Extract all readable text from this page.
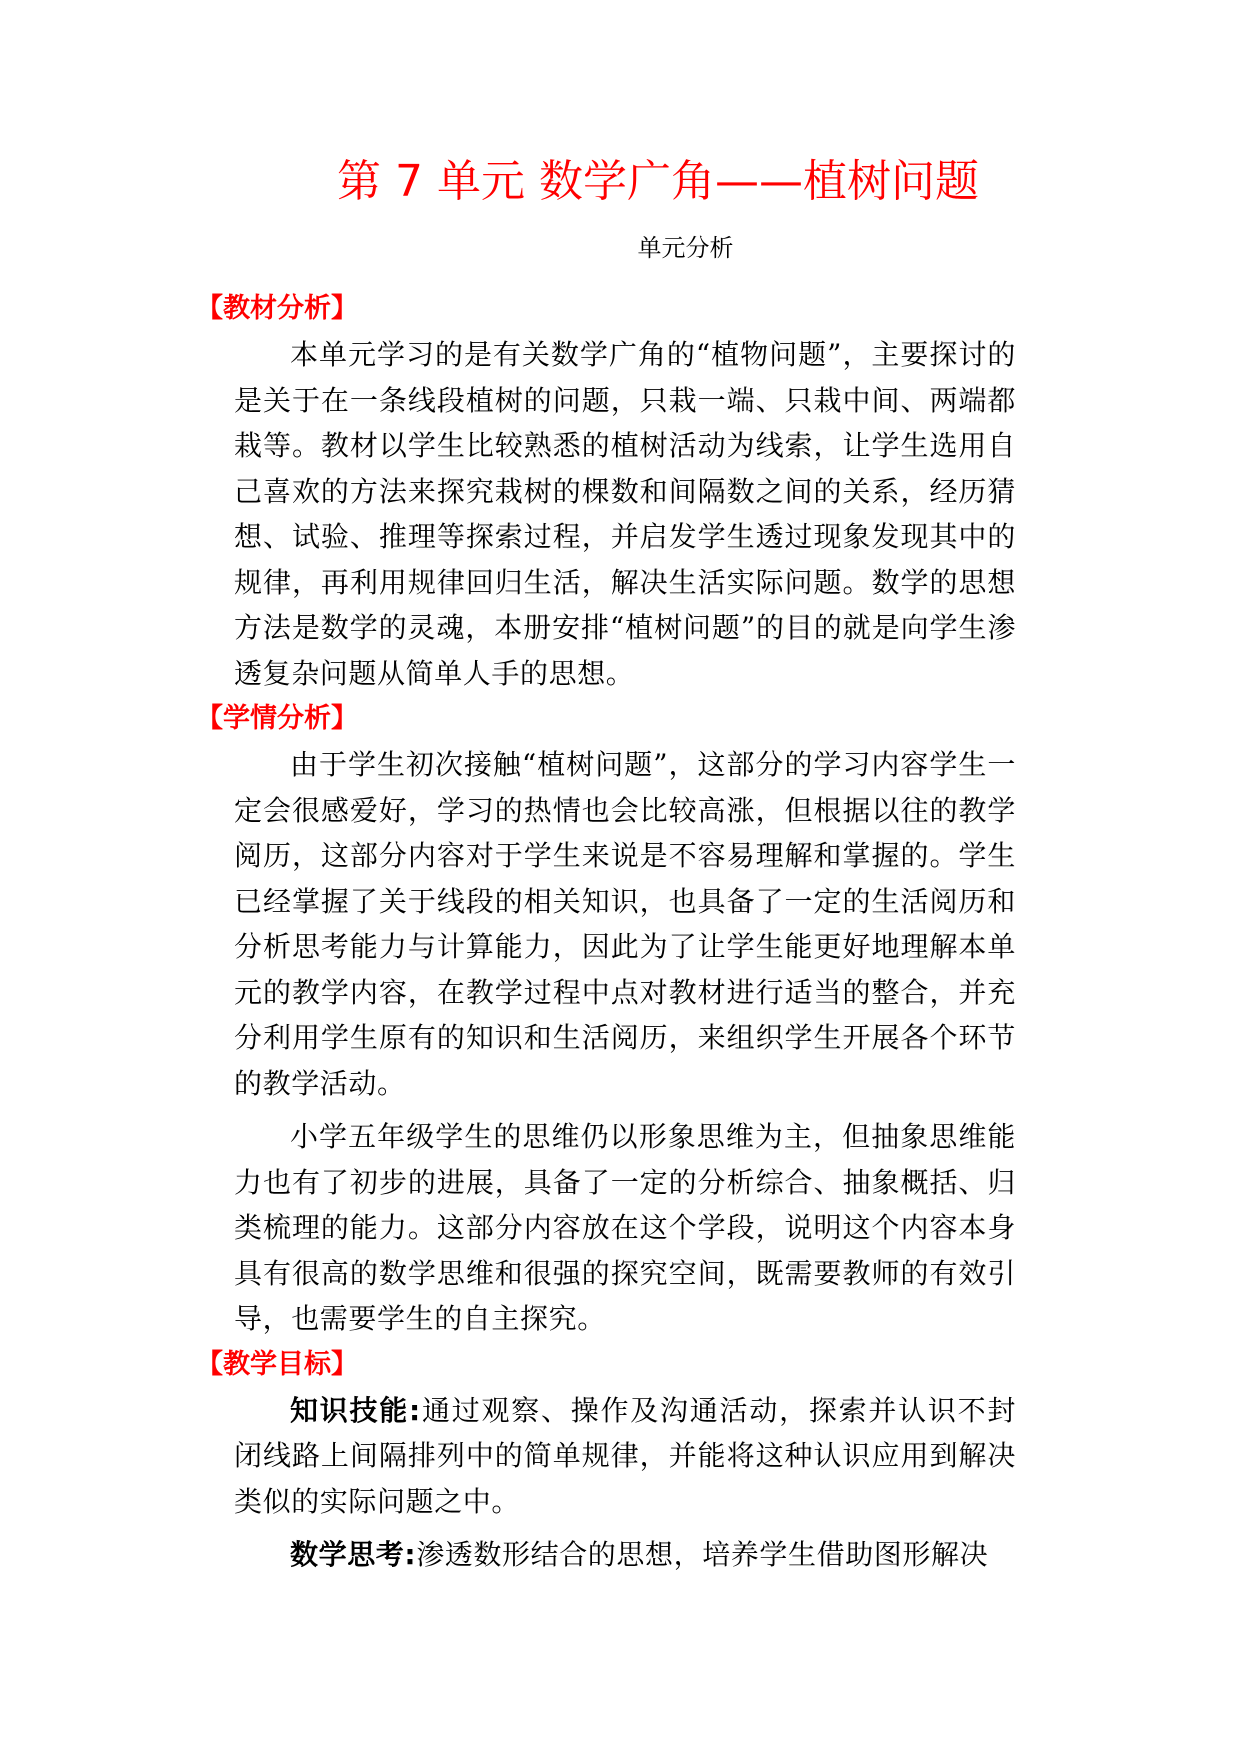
第 7 单元 数学广角——植树问题
单元分析
【教材分析】

本单元学习的是有关数学广角的“植物问题”，主要探讨的是关于在一条线段植树的问题，只栽一端、只栽中间、两端都栽等。教材以学生比较熟悉的植树活动为线索，让学生选用自己喜欢的方法来探究栽树的棵数和间隔数之间的关系，经历猜想、试验、推理等探索过程，并启发学生透过现象发现其中的规律，再利用规律回归生活，解决生活实际问题。数学的思想方法是数学的灵魂，本册安排“植树问题”的目的就是向学生渗透复杂问题从简单人手的思想。

【学情分析】

由于学生初次接触“植树问题”，这部分的学习内容学生一定会很感爱好，学习的热情也会比较高涨，但根据以往的教学阅历，这部分内容对于学生来说是不容易理解和掌握的。学生已经掌握了关于线段的相关知识，也具备了一定的生活阅历和分析思考能力与计算能力，因此为了让学生能更好地理解本单元的教学内容，在教学过程中点对教材进行适当的整合，并充分利用学生原有的知识和生活阅历，来组织学生开展各个环节的教学活动。

小学五年级学生的思维仍以形象思维为主，但抽象思维能力也有了初步的进展，具备了一定的分析综合、抽象概括、归类梳理的能力。这部分内容放在这个学段，说明这个内容本身具有很高的数学思维和很强的探究空间，既需要教师的有效引导，也需要学生的自主探究。

【教学目标】

知识技能:通过观察、操作及沟通活动，探索并认识不封闭线路上间隔排列中的简单规律，并能将这种认识应用到解决类似的实际问题之中。

数学思考:渗透数形结合的思想，培养学生借助图形解决
